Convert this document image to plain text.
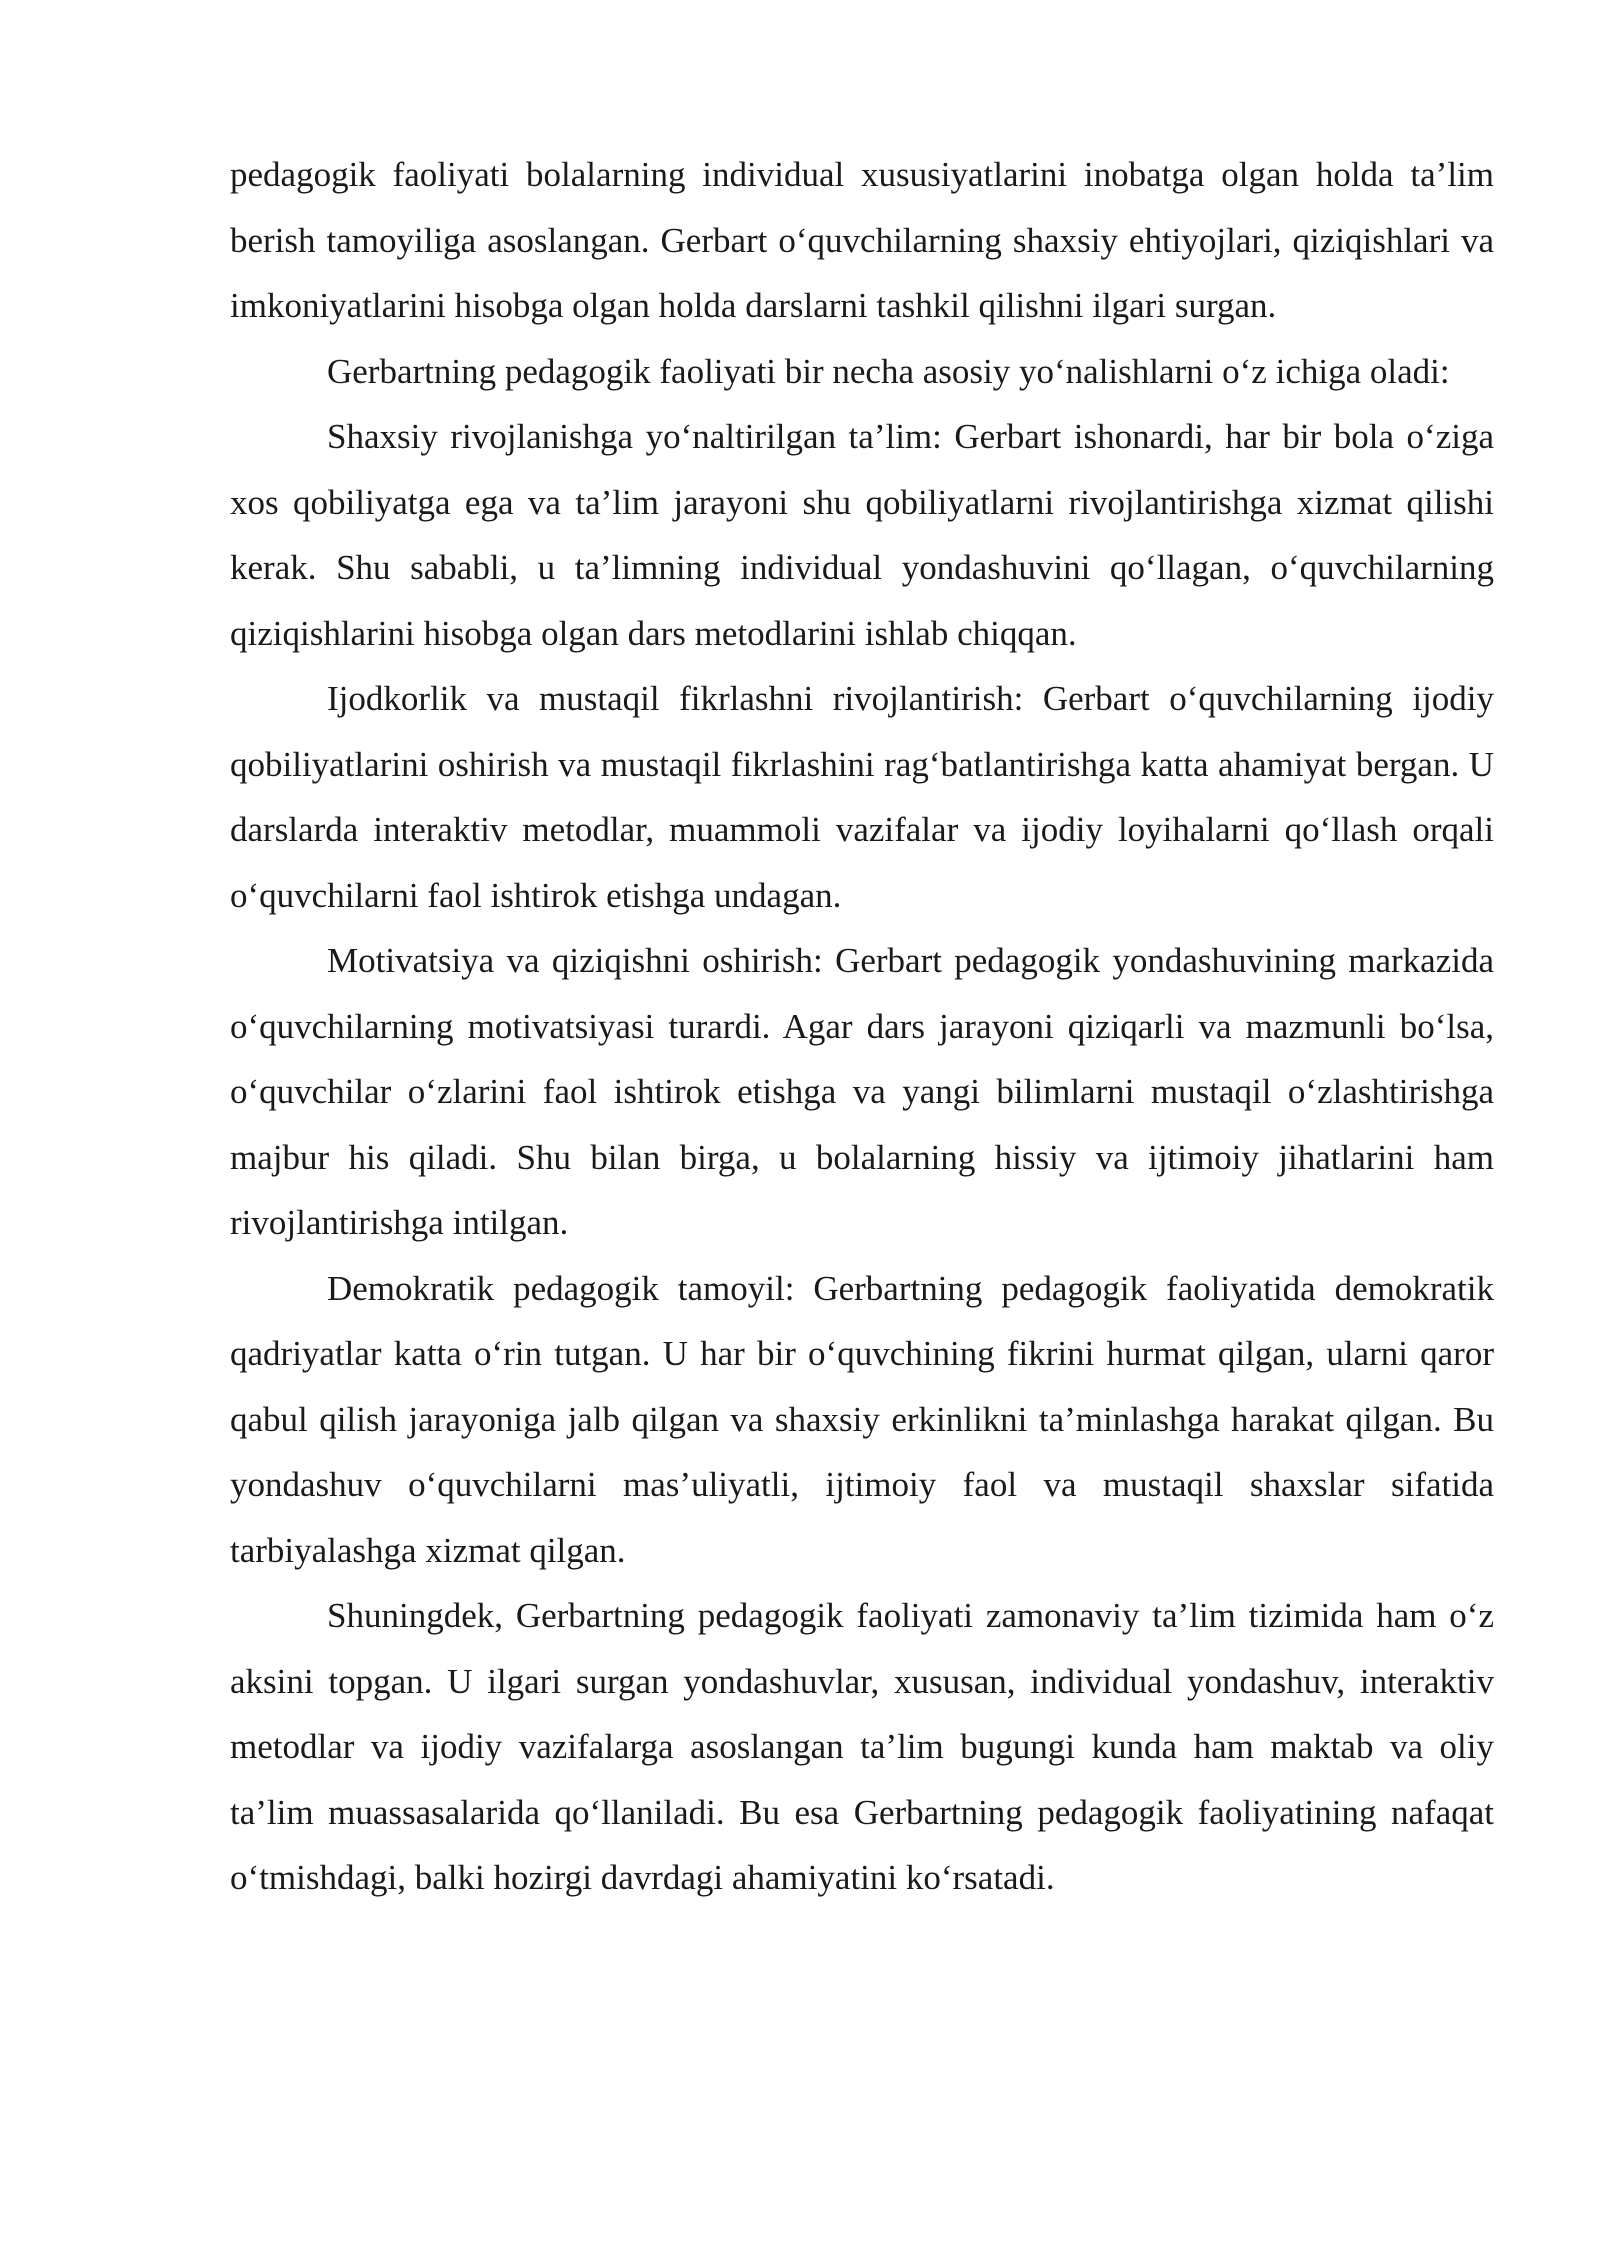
pedagogik faoliyati bolalarning individual xususiyatlarini inobatga olgan holda ta’lim berish tamoyiliga asoslangan. Gerbart o‘quvchilarning shaxsiy ehtiyojlari, qiziqishlari va imkoniyatlarini hisobga olgan holda darslarni tashkil qilishni ilgari surgan.

Gerbartning pedagogik faoliyati bir necha asosiy yo‘nalishlarni o‘z ichiga oladi:

Shaxsiy rivojlanishga yo‘naltirilgan ta’lim: Gerbart ishonardi, har bir bola o‘ziga xos qobiliyatga ega va ta’lim jarayoni shu qobiliyatlarni rivojlantirishga xizmat qilishi kerak. Shu sababli, u ta’limning individual yondashuvini qo‘llagan, o‘quvchilarning qiziqishlarini hisobga olgan dars metodlarini ishlab chiqqan.

Ijodkorlik va mustaqil fikrlashni rivojlantirish: Gerbart o‘quvchilarning ijodiy qobiliyatlarini oshirish va mustaqil fikrlashini rag‘batlantirishga katta ahamiyat bergan. U darslarda interaktiv metodlar, muammoli vazifalar va ijodiy loyihalarni qo‘llash orqali o‘quvchilarni faol ishtirok etishga undagan.

Motivatsiya va qiziqishni oshirish: Gerbart pedagogik yondashuvining markazida o‘quvchilarning motivatsiyasi turardi. Agar dars jarayoni qiziqarli va mazmunli bo‘lsa, o‘quvchilar o‘zlarini faol ishtirok etishga va yangi bilimlarni mustaqil o‘zlashtirishga majbur his qiladi. Shu bilan birga, u bolalarning hissiy va ijtimoiy jihatlarini ham rivojlantirishga intilgan.

Demokratik pedagogik tamoyil: Gerbartning pedagogik faoliyatida demokratik qadriyatlar katta o‘rin tutgan. U har bir o‘quvchining fikrini hurmat qilgan, ularni qaror qabul qilish jarayoniga jalb qilgan va shaxsiy erkinlikni ta’minlashga harakat qilgan. Bu yondashuv o‘quvchilarni mas’uliyatli, ijtimoiy faol va mustaqil shaxslar sifatida tarbiyalashga xizmat qilgan.

Shuningdek, Gerbartning pedagogik faoliyati zamonaviy ta’lim tizimida ham o‘z aksini topgan. U ilgari surgan yondashuvlar, xususan, individual yondashuv, interaktiv metodlar va ijodiy vazifalarga asoslangan ta’lim bugungi kunda ham maktab va oliy ta’lim muassasalarida qo‘llaniladi. Bu esa Gerbartning pedagogik faoliyatining nafaqat o‘tmishdagi, balki hozirgi davrdagi ahamiyatini ko‘rsatadi.
